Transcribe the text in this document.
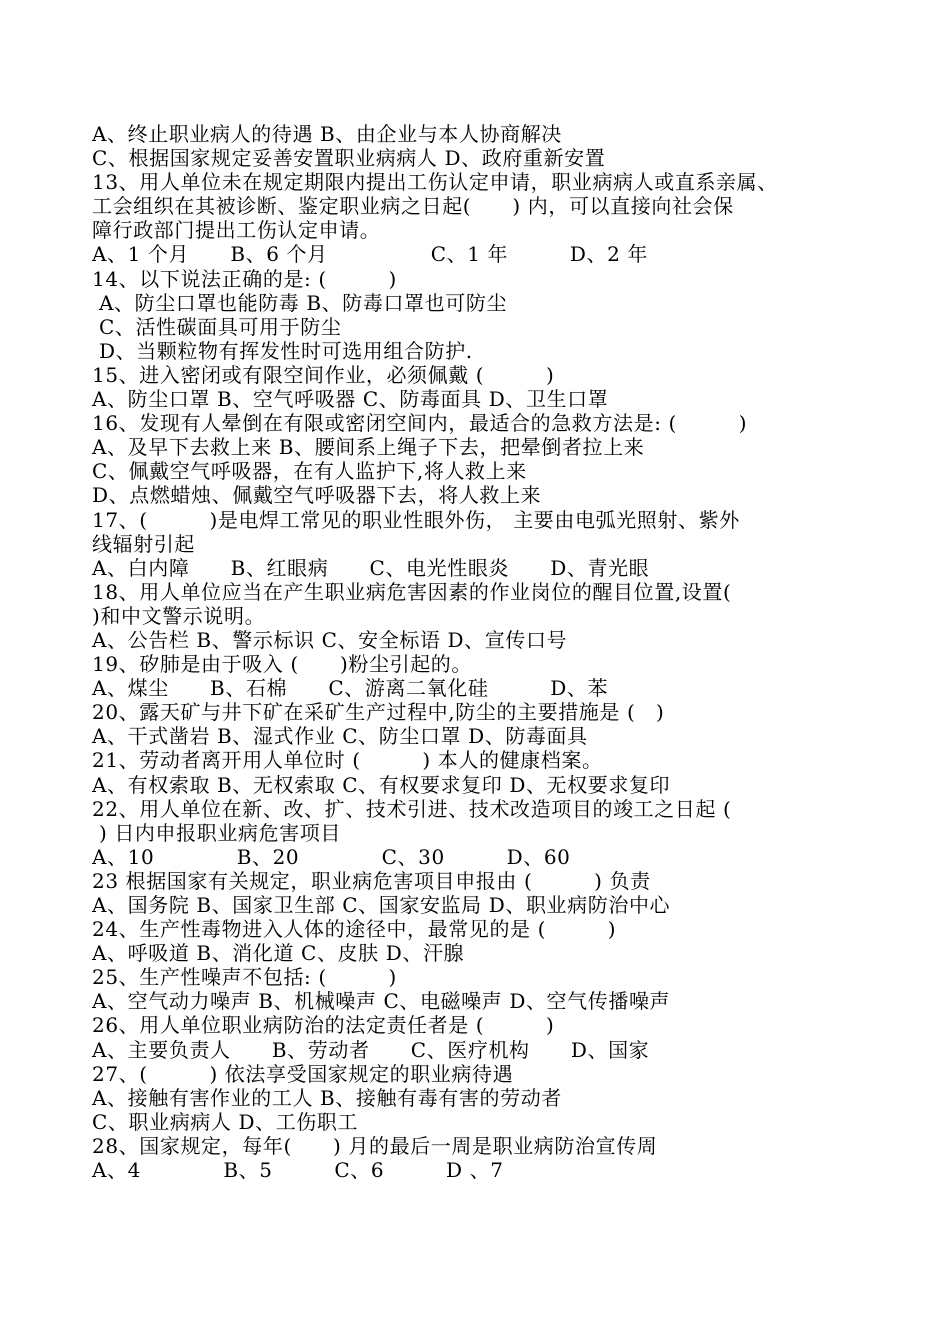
A、终止职业病人的待遇 B、由企业与本人协商解决
C、根据国家规定妥善安置职业病病人 D、政府重新安置
13、用人单位未在规定期限内提出工伤认定申请，职业病病人或直系亲属、
工会组织在其被诊断、鉴定职业病之日起(　　) 内，可以直接向社会保
障行政部门提出工伤认定申请。
A、1 个月　　B、6 个月　　　　　C、1 年　　　D、2 年
14、以下说法正确的是: (　　　)
A、防尘口罩也能防毒 B、防毒口罩也可防尘
C、活性碳面具可用于防尘
D、当颗粒物有挥发性时可选用组合防护.
15、进入密闭或有限空间作业，必须佩戴 (　　　)
A、防尘口罩 B、空气呼吸器 C、防毒面具 D、卫生口罩
16、发现有人晕倒在有限或密闭空间内，最适合的急救方法是: (　　　)
A、及早下去救上来 B、腰间系上绳子下去，把晕倒者拉上来
C、佩戴空气呼吸器，在有人监护下,将人救上来
D、点燃蜡烛、佩戴空气呼吸器下去，将人救上来
17、(　　　)是电焊工常见的职业性眼外伤， 主要由电弧光照射、紫外
线辐射引起
A、白内障　　B、红眼病　　C、电光性眼炎　　D、青光眼
18、用人单位应当在产生职业病危害因素的作业岗位的醒目位置,设置(
)和中文警示说明。
A、公告栏 B、警示标识 C、安全标语 D、宣传口号
19、矽肺是由于吸入 (　　)粉尘引起的。
A、煤尘　　B、石棉　　C、游离二氧化硅　　　D、苯
20、露天矿与井下矿在采矿生产过程中,防尘的主要措施是 (　)
A、干式凿岩 B、湿式作业 C、防尘口罩 D、防毒面具
21、劳动者离开用人单位时 (　　　) 本人的健康档案。
A、有权索取 B、无权索取 C、有权要求复印 D、无权要求复印
22、用人单位在新、改、扩、技术引进、技术改造项目的竣工之日起 (
) 日内申报职业病危害项目
A、10　　　　B、20　　　　C、30　　　D、60
23 根据国家有关规定，职业病危害项目申报由 (　　　) 负责
A、国务院 B、国家卫生部 C、国家安监局 D、职业病防治中心
24、生产性毒物进入人体的途径中，最常见的是 (　　　)
A、呼吸道 B、消化道 C、皮肤 D、汗腺
25、生产性噪声不包括: (　　　)
A、空气动力噪声 B、机械噪声 C、电磁噪声 D、空气传播噪声
26、用人单位职业病防治的法定责任者是 (　　　)
A、主要负责人　　B、劳动者　　C、医疗机构　　D、国家
27、(　　　) 依法享受国家规定的职业病待遇
A、接触有害作业的工人 B、接触有毒有害的劳动者
C、职业病病人 D、工伤职工
28、国家规定，每年(　　) 月的最后一周是职业病防治宣传周
A、4　　　　B、5　　　C、6　　　D 、7
